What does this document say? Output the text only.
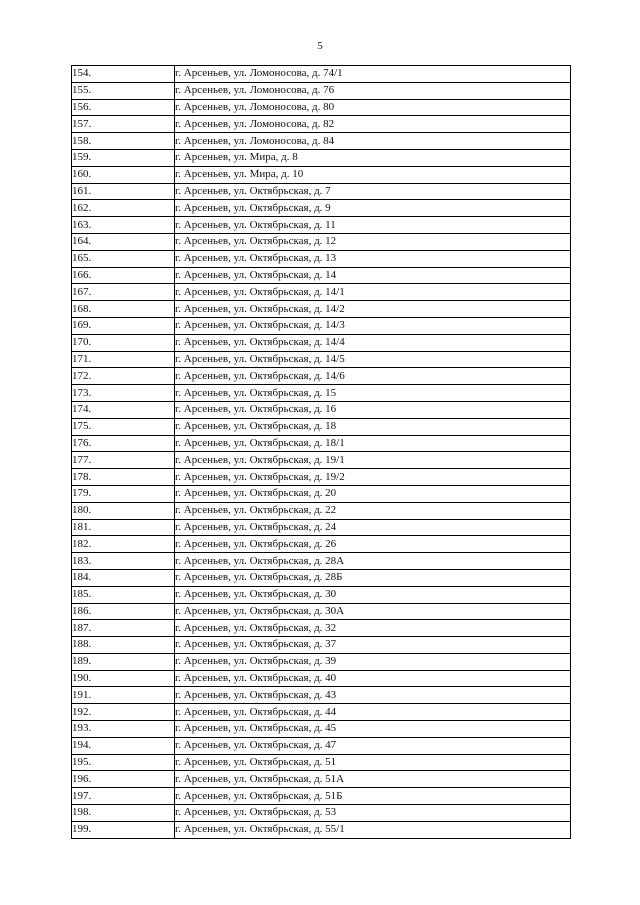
5
154.	г. Арсеньев, ул. Ломоносова, д. 74/1
155.	г. Арсеньев, ул. Ломоносова, д. 76
156.	г. Арсеньев, ул. Ломоносова, д. 80
157.	г. Арсеньев, ул. Ломоносова, д. 82
158.	г. Арсеньев, ул. Ломоносова, д. 84
159.	г. Арсеньев, ул. Мира, д. 8
160.	г. Арсеньев, ул. Мира, д. 10
161.	г. Арсеньев, ул. Октябрьская, д. 7
162.	г. Арсеньев, ул. Октябрьская, д. 9
163.	г. Арсеньев, ул. Октябрьская, д. 11
164.	г. Арсеньев, ул. Октябрьская, д. 12
165.	г. Арсеньев, ул. Октябрьская, д. 13
166.	г. Арсеньев, ул. Октябрьская, д. 14
167.	г. Арсеньев, ул. Октябрьская, д. 14/1
168.	г. Арсеньев, ул. Октябрьская, д. 14/2
169.	г. Арсеньев, ул. Октябрьская, д. 14/3
170.	г. Арсеньев, ул. Октябрьская, д. 14/4
171.	г. Арсеньев, ул. Октябрьская, д. 14/5
172.	г. Арсеньев, ул. Октябрьская, д. 14/6
173.	г. Арсеньев, ул. Октябрьская, д. 15
174.	г. Арсеньев, ул. Октябрьская, д. 16
175.	г. Арсеньев, ул. Октябрьская, д. 18
176.	г. Арсеньев, ул. Октябрьская, д. 18/1
177.	г. Арсеньев, ул. Октябрьская, д. 19/1
178.	г. Арсеньев, ул. Октябрьская, д. 19/2
179.	г. Арсеньев, ул. Октябрьская, д. 20
180.	г. Арсеньев, ул. Октябрьская, д. 22
181.	г. Арсеньев, ул. Октябрьская, д. 24
182.	г. Арсеньев, ул. Октябрьская, д. 26
183.	г. Арсеньев, ул. Октябрьская, д. 28А
184.	г. Арсеньев, ул. Октябрьская, д. 28Б
185.	г. Арсеньев, ул. Октябрьская, д. 30
186.	г. Арсеньев, ул. Октябрьская, д. 30А
187.	г. Арсеньев, ул. Октябрьская, д. 32
188.	г. Арсеньев, ул. Октябрьская, д. 37
189.	г. Арсеньев, ул. Октябрьская, д. 39
190.	г. Арсеньев, ул. Октябрьская, д. 40
191.	г. Арсеньев, ул. Октябрьская, д. 43
192.	г. Арсеньев, ул. Октябрьская, д. 44
193.	г. Арсеньев, ул. Октябрьская, д. 45
194.	г. Арсеньев, ул. Октябрьская, д. 47
195.	г. Арсеньев, ул. Октябрьская, д. 51
196.	г. Арсеньев, ул. Октябрьская, д. 51А
197.	г. Арсеньев, ул. Октябрьская, д. 51Б
198.	г. Арсеньев, ул. Октябрьская, д. 53
199.	г. Арсеньев, ул. Октябрьская, д. 55/1
